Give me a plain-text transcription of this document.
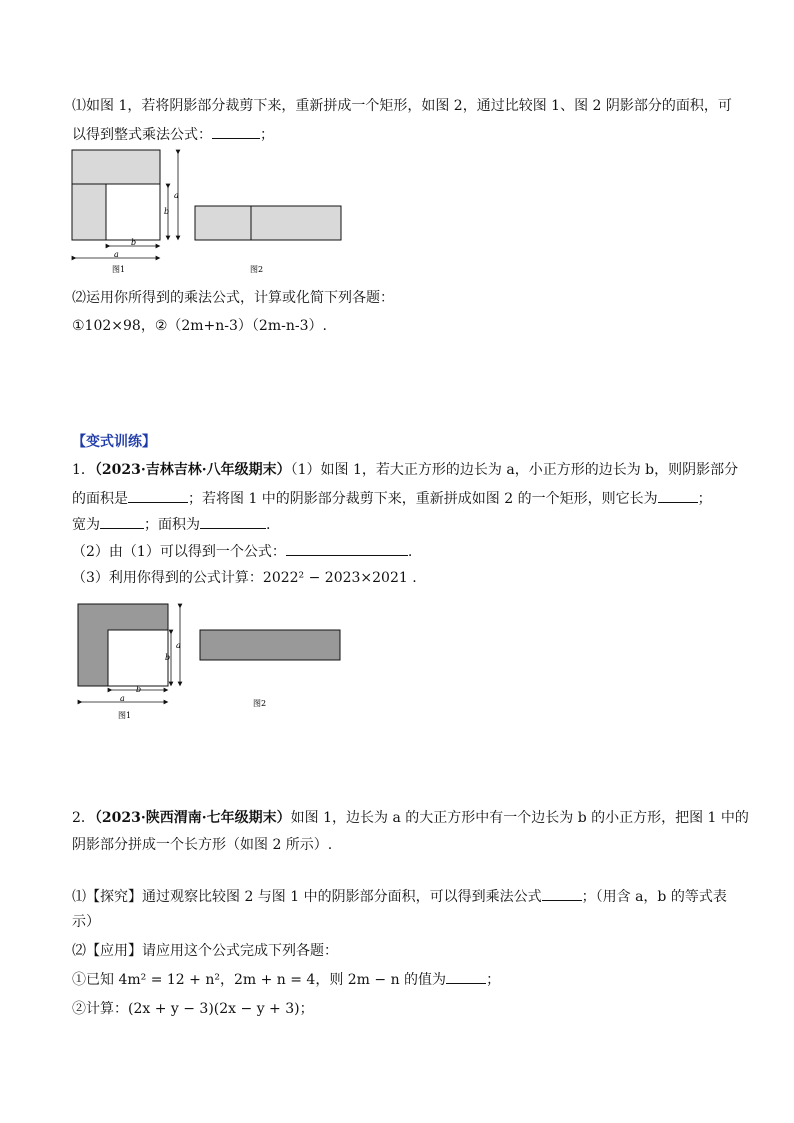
⑴如图 1，若将阴影部分裁剪下来，重新拼成一个矩形，如图 2，通过比较图 1、图 2 阴影部分的面积，可
以得到整式乘法公式：	；
a
b
b
a
图1	图2
⑵运用你所得到的乘法公式，计算或化简下列各题：
①102×98，②（2m+n-3）（2m-n-3）.
【变式训练】
1．（2023·吉林吉林·八年级期末）（1）如图 1，若大正方形的边长为 a，小正方形的边长为 b，则阴影部分
的面积是	；若将图 1 中的阴影部分裁剪下来，重新拼成如图 2 的一个矩形，则它长为	；
宽为	；面积为	.
（2）由（1）可以得到一个公式：	.
（3）利用你得到的公式计算：2022² − 2023×2021 .
a
b
b
a
图1
图2
2．（2023·陕西渭南·七年级期末）如图 1，边长为 a 的大正方形中有一个边长为 b 的小正方形，把图 1 中的
阴影部分拼成一个长方形（如图 2 所示）.
⑴【探究】通过观察比较图 2 与图 1 中的阴影部分面积，可以得到乘法公式	；（用含 a，b 的等式表
示）
⑵【应用】请应用这个公式完成下列各题：
①已知 4m² = 12 + n²，2m + n = 4，则 2m − n 的值为	；
②计算：(2x + y − 3)(2x − y + 3)；
